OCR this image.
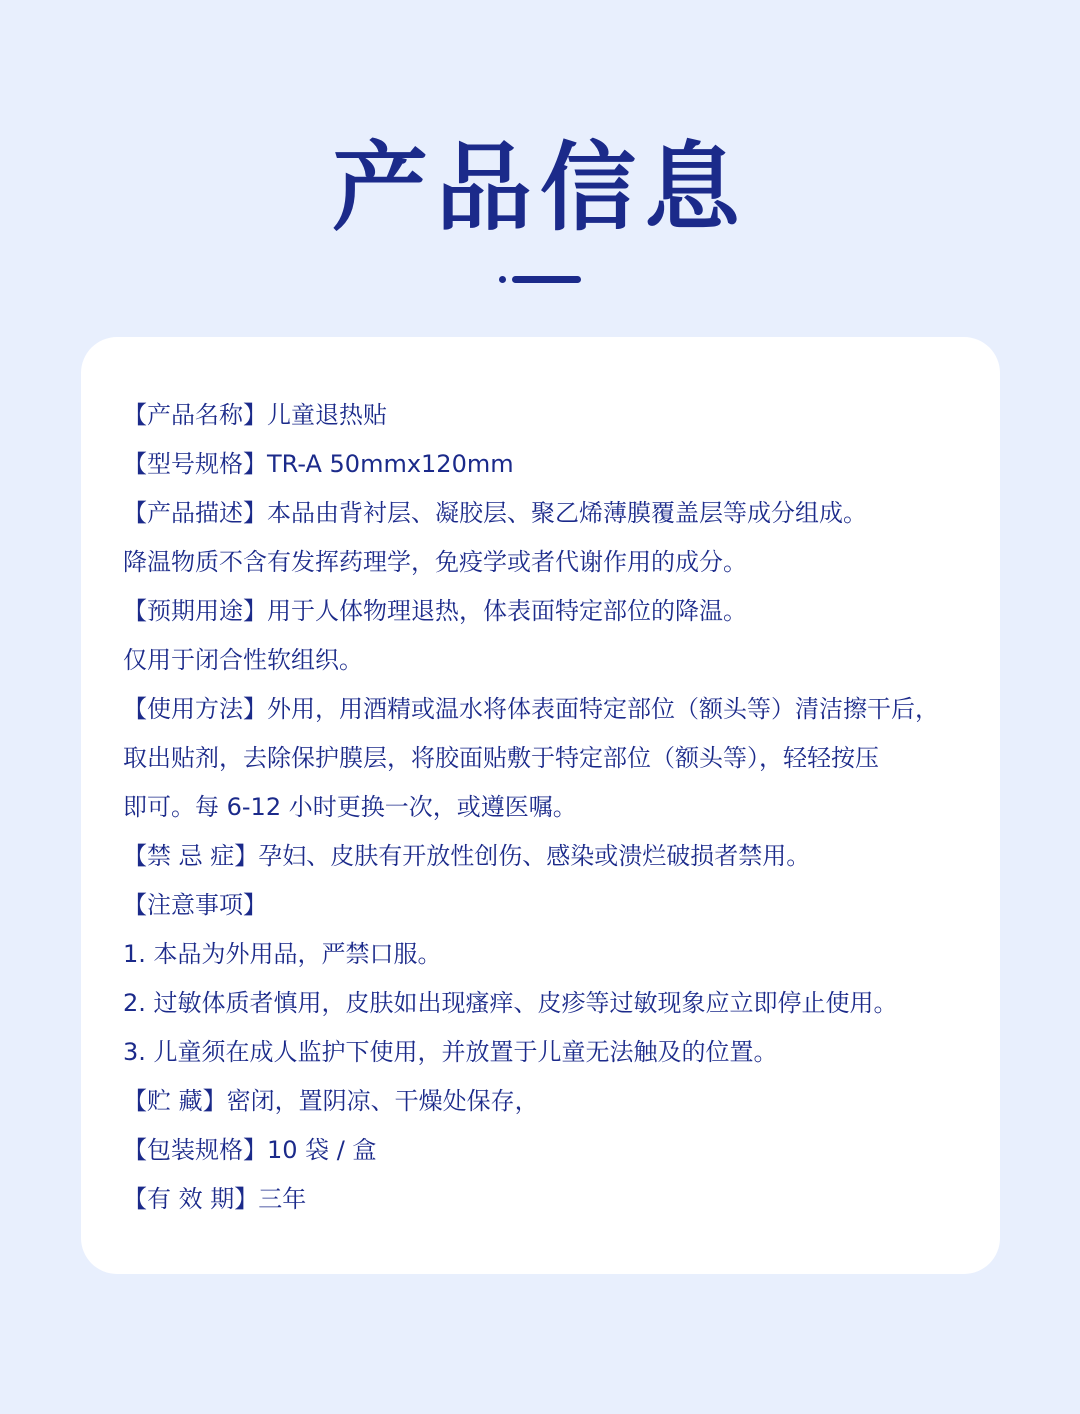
产品信息
【产品名称】儿童退热贴
【型号规格】TR-A 50mmx120mm
【产品描述】本品由背衬层、凝胶层、聚乙烯薄膜覆盖层等成分组成。
降温物质不含有发挥药理学，免疫学或者代谢作用的成分。
【预期用途】用于人体物理退热，体表面特定部位的降温。
仅用于闭合性软组织。
【使用方法】外用，用酒精或温水将体表面特定部位（额头等）清洁擦干后，
取出贴剂，去除保护膜层，将胶面贴敷于特定部位（额头等），轻轻按压
即可。每 6-12 小时更换一次，或遵医嘱。
【禁 忌 症】孕妇、皮肤有开放性创伤、感染或溃烂破损者禁用。
【注意事项】
1. 本品为外用品，严禁口服。
2. 过敏体质者慎用，皮肤如出现瘙痒、皮疹等过敏现象应立即停止使用。
3. 儿童须在成人监护下使用，并放置于儿童无法触及的位置。
【贮 藏】密闭，置阴凉、干燥处保存，
【包装规格】10 袋 / 盒
【有 效 期】三年
